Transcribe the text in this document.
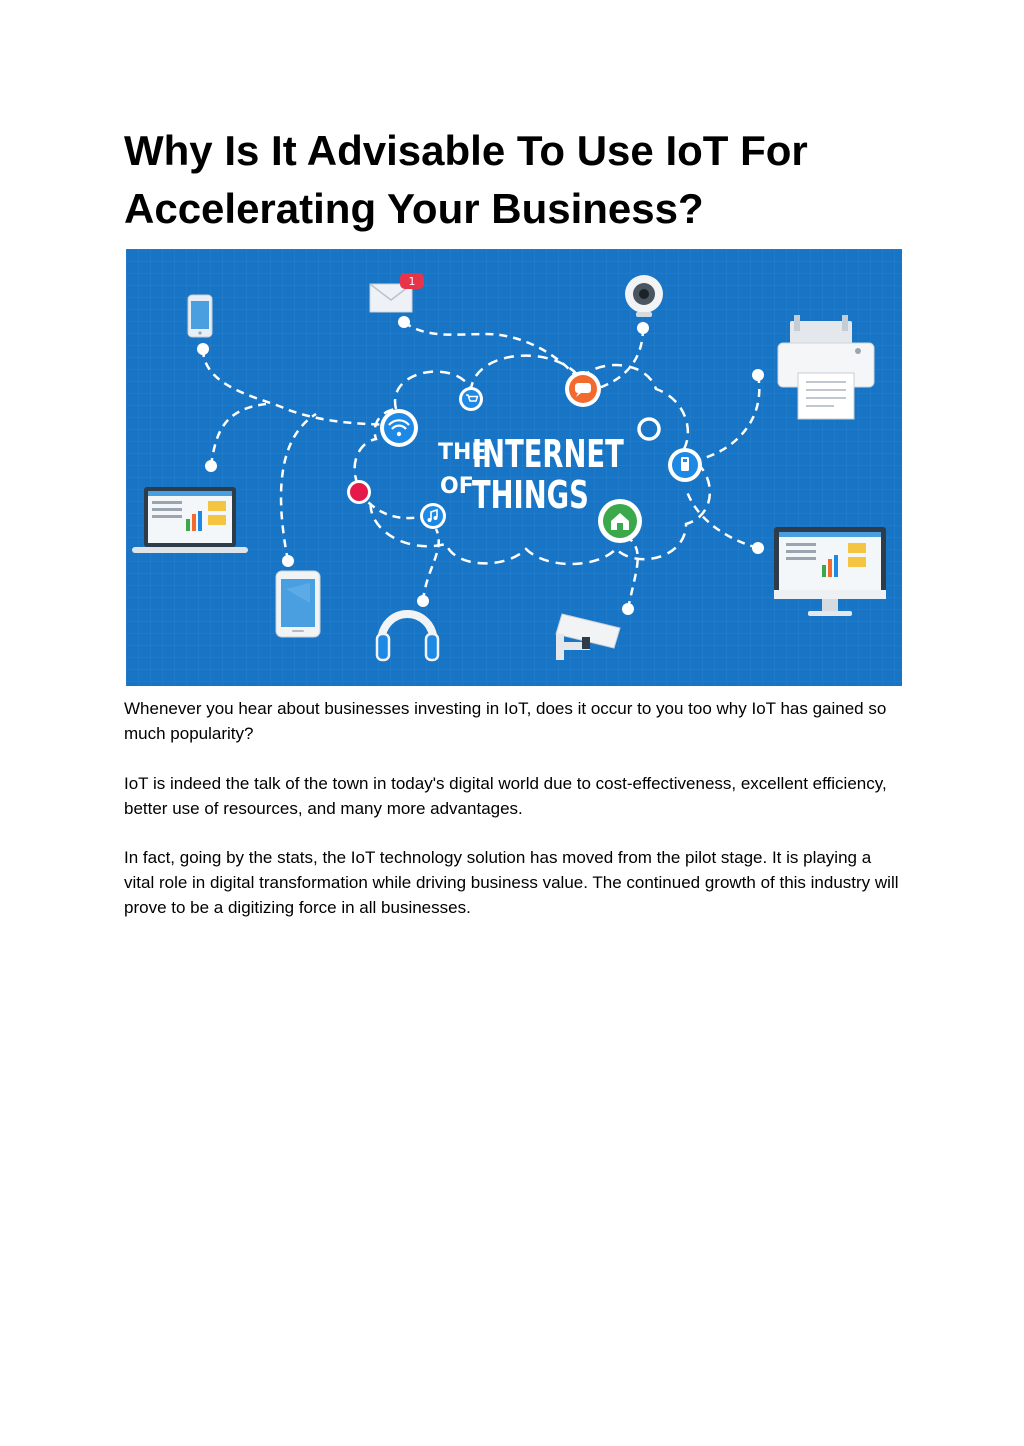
Why Is It Advisable To Use IoT For Accelerating Your Business?
THE
INTERNET
OF
THINGS
1

Whenever you hear about businesses investing in IoT, does it occur to you too why IoT has gained so much popularity?

IoT is indeed the talk of the town in today's digital world due to cost-effectiveness, excellent efficiency, better use of resources, and many more advantages.

In fact, going by the stats, the IoT technology solution has moved from the pilot stage. It is playing a vital role in digital transformation while driving business value. The continued growth of this industry will prove to be a digitizing force in all businesses.
